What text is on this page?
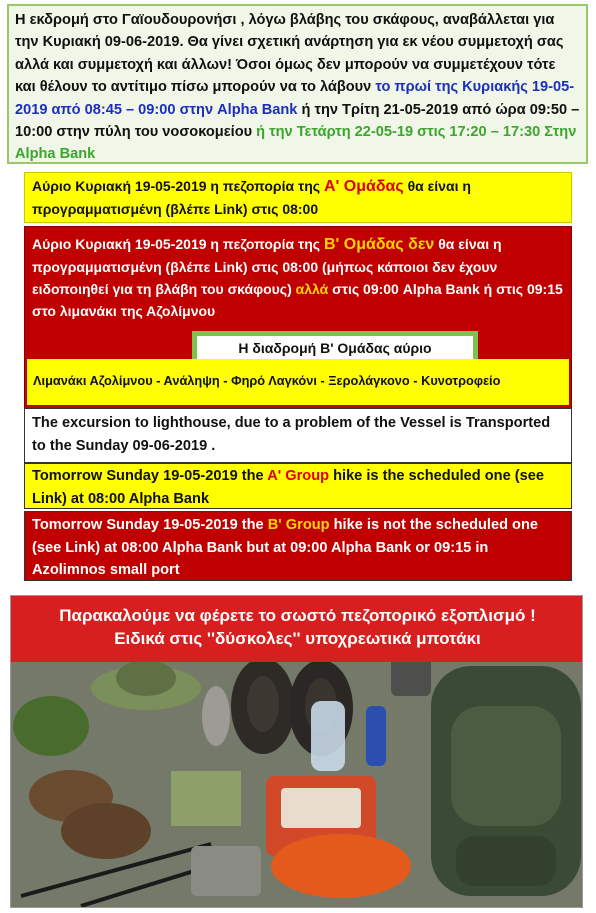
Η εκδρομή στο Γαϊουδουρονήσι , λόγω βλάβης του σκάφους, αναβάλλεται για την Κυριακή 09-06-2019. Θα γίνει σχετική ανάρτηση για εκ νέου συμμετοχή σας αλλά και συμμετοχή και άλλων! Όσοι όμως δεν μπορούν να συμμετέχουν τότε και θέλουν το αντίτιμο πίσω μπορούν να το λάβουν το πρωί της Κυριακής 19-05-2019 από 08:45 – 09:00 στην Alpha Bank ή την Τρίτη 21-05-2019 από ώρα 09:50 – 10:00 στην πύλη του νοσοκομείου ή την Τετάρτη 22-05-19 στις 17:20 – 17:30 Στην Alpha Bank
Αύριο Κυριακή 19-05-2019 η πεζοπορία της Α' Ομάδας θα είναι η προγραμματισμένη (βλέπε Link) στις 08:00
Αύριο Κυριακή 19-05-2019 η πεζοπορία της Β' Ομάδας δεν θα είναι η προγραμματισμένη (βλέπε Link) στις 08:00 (μήπως κάποιοι δεν έχουν ειδοποιηθεί για τη βλάβη του σκάφους) αλλά στις 09:00 Alpha Bank ή στις 09:15 στο λιμανάκι της Αζολίμνου
Η διαδρομή Β' Ομάδας αύριο
Λιμανάκι Αζολίμνου - Ανάληψη - Φηρό Λαγκόνι - Ξερολάγκονο - Κυνοτροφείο
The excursion to lighthouse, due to a problem of the Vessel is Transported to the Sunday 09-06-2019 .
Tomorrow Sunday 19-05-2019 the A' Group hike is the scheduled one (see Link) at 08:00 Alpha Bank
Tomorrow Sunday 19-05-2019 the B' Group hike is not the scheduled one (see Link) at 08:00 Alpha Bank but at 09:00 Alpha Bank or 09:15 in Azolimnos small port
Παρακαλούμε να φέρετε το σωστό πεζοπορικό εξοπλισμό !
Ειδικά στις ''δύσκολες'' υποχρεωτικά μποτάκι
